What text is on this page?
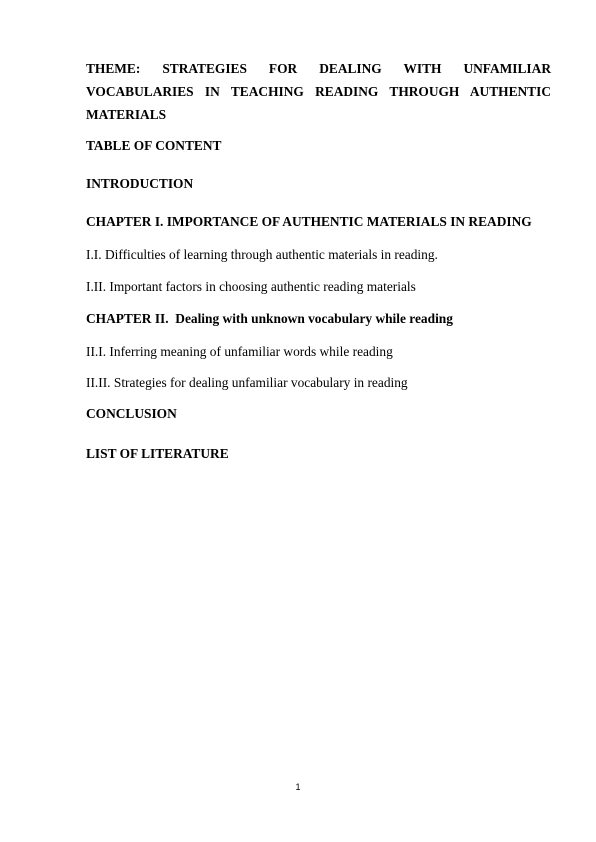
THEME: STRATEGIES FOR DEALING WITH UNFAMILIAR VOCABULARIES IN TEACHING READING THROUGH AUTHENTIC MATERIALS

TABLE OF CONTENT

INTRODUCTION

CHAPTER I. IMPORTANCE OF AUTHENTIC MATERIALS IN READING

I.I. Difficulties of learning through authentic materials in reading.

I.II. Important factors in choosing authentic reading materials

CHAPTER II.  Dealing with unknown vocabulary while reading

II.I. Inferring meaning of unfamiliar words while reading

II.II. Strategies for dealing unfamiliar vocabulary in reading

CONCLUSION

LIST OF LITERATURE

1
